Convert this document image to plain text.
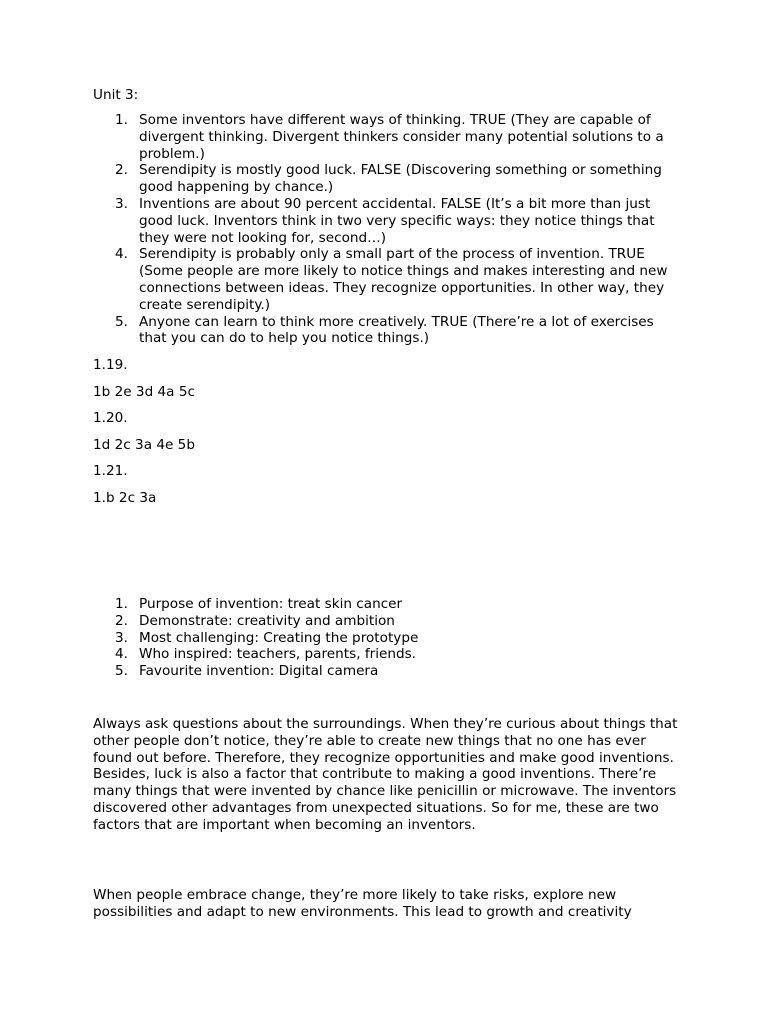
Unit 3:

1. Some inventors have different ways of thinking. TRUE (They are capable of divergent thinking. Divergent thinkers consider many potential solutions to a problem.)
2. Serendipity is mostly good luck. FALSE (Discovering something or something good happening by chance.)
3. Inventions are about 90 percent accidental. FALSE (It’s a bit more than just good luck. Inventors think in two very specific ways: they notice things that they were not looking for, second…)
4. Serendipity is probably only a small part of the process of invention. TRUE (Some people are more likely to notice things and makes interesting and new connections between ideas. They recognize opportunities. In other way, they create serendipity.)
5. Anyone can learn to think more creatively. TRUE (There’re a lot of exercises that you can do to help you notice things.)

1.19.

1b 2e 3d 4a 5c

1.20.

1d 2c 3a 4e 5b

1.21.

1.b 2c 3a

1. Purpose of invention: treat skin cancer
2. Demonstrate: creativity and ambition
3. Most challenging: Creating the prototype
4. Who inspired: teachers, parents, friends.
5. Favourite invention: Digital camera

Always ask questions about the surroundings. When they’re curious about things that other people don’t notice, they’re able to create new things that no one has ever found out before. Therefore, they recognize opportunities and make good inventions. Besides, luck is also a factor that contribute to making a good inventions. There’re many things that were invented by chance like penicillin or microwave. The inventors discovered other advantages from unexpected situations. So for me, these are two factors that are important when becoming an inventors.

When people embrace change, they’re more likely to take risks, explore new possibilities and adapt to new environments. This lead to growth and creativity
